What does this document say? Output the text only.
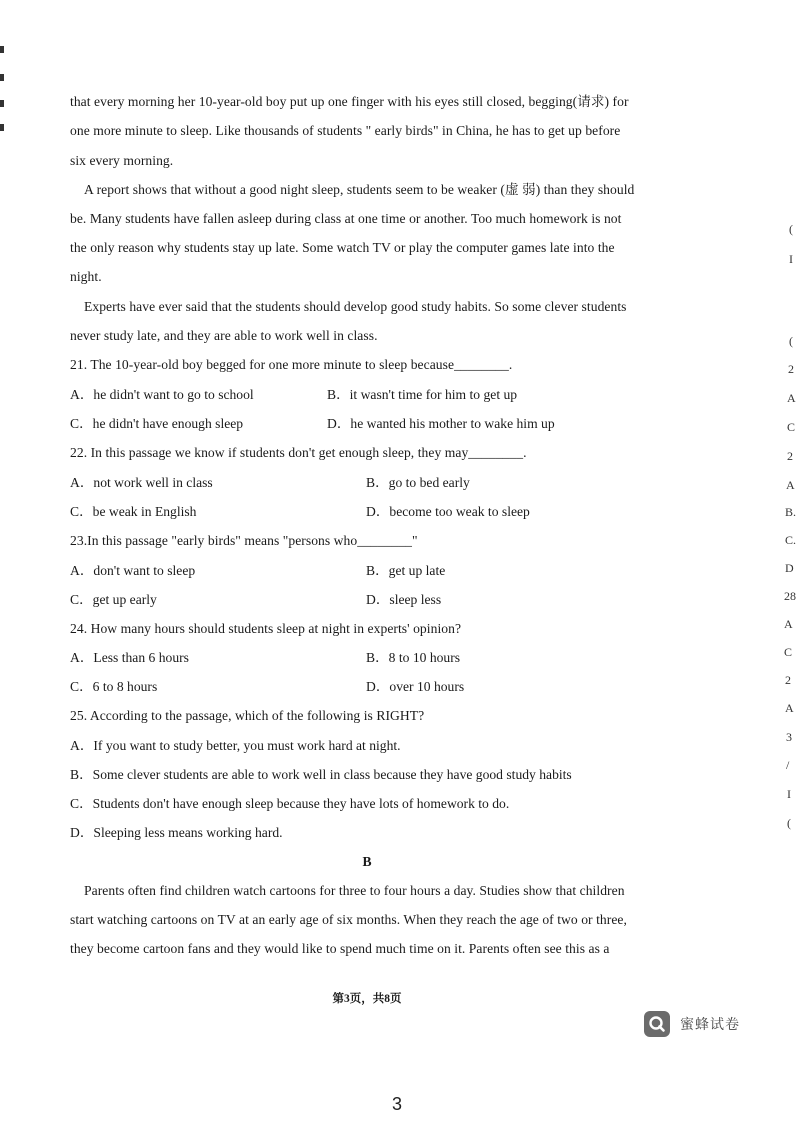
that every morning her 10-year-old boy put up one finger with his eyes still closed, begging(请求) for
one more minute to sleep. Like thousands of students " early birds" in China, he has to get up before
six every morning.
A report shows that without a good night sleep, students seem to be weaker (虚 弱) than they should
be. Many students have fallen asleep during class at one time or another. Too much homework is not
the only reason why students stay up late. Some watch TV or play the computer games late into the
night.
Experts have ever said that the students should develop good study habits. So some clever students
never study late, and they are able to work well in class.
21. The 10-year-old boy begged for one more minute to sleep because________.
A．he didn't want to go to school	B．it wasn't time for him to get up
C．he didn't have enough sleep	D．he wanted his mother to wake him up
22. In this passage we know if students don't get enough sleep, they may________.
A．not work well in class	B．go to bed early
C．be weak in English	D．become too weak to sleep
23.In this passage "early birds" means "persons who________"
A．don't want to sleep	B．get up late
C．get up early	D．sleep less
24. How many hours should students sleep at night in experts' opinion?
A．Less than 6 hours	B．8 to 10 hours
C．6 to 8 hours	D．over 10 hours
25. According to the passage, which of the following is RIGHT?
A．If you want to study better, you must work hard at night.
B．Some clever students are able to work well in class because they have good study habits
C．Students don't have enough sleep because they have lots of homework to do.
D．Sleeping less means working hard.
B
Parents often find children watch cartoons for three to four hours a day. Studies show that children
start watching cartoons on TV at an early age of six months. When they reach the age of two or three,
they become cartoon fans and they would like to spend much time on it. Parents often see this as a
第3页，共8页
蜜蜂试卷
3
(
I
(
2
A
C
2
A
B.
C.
D
28
A
C
2
A
3
/
I
(
